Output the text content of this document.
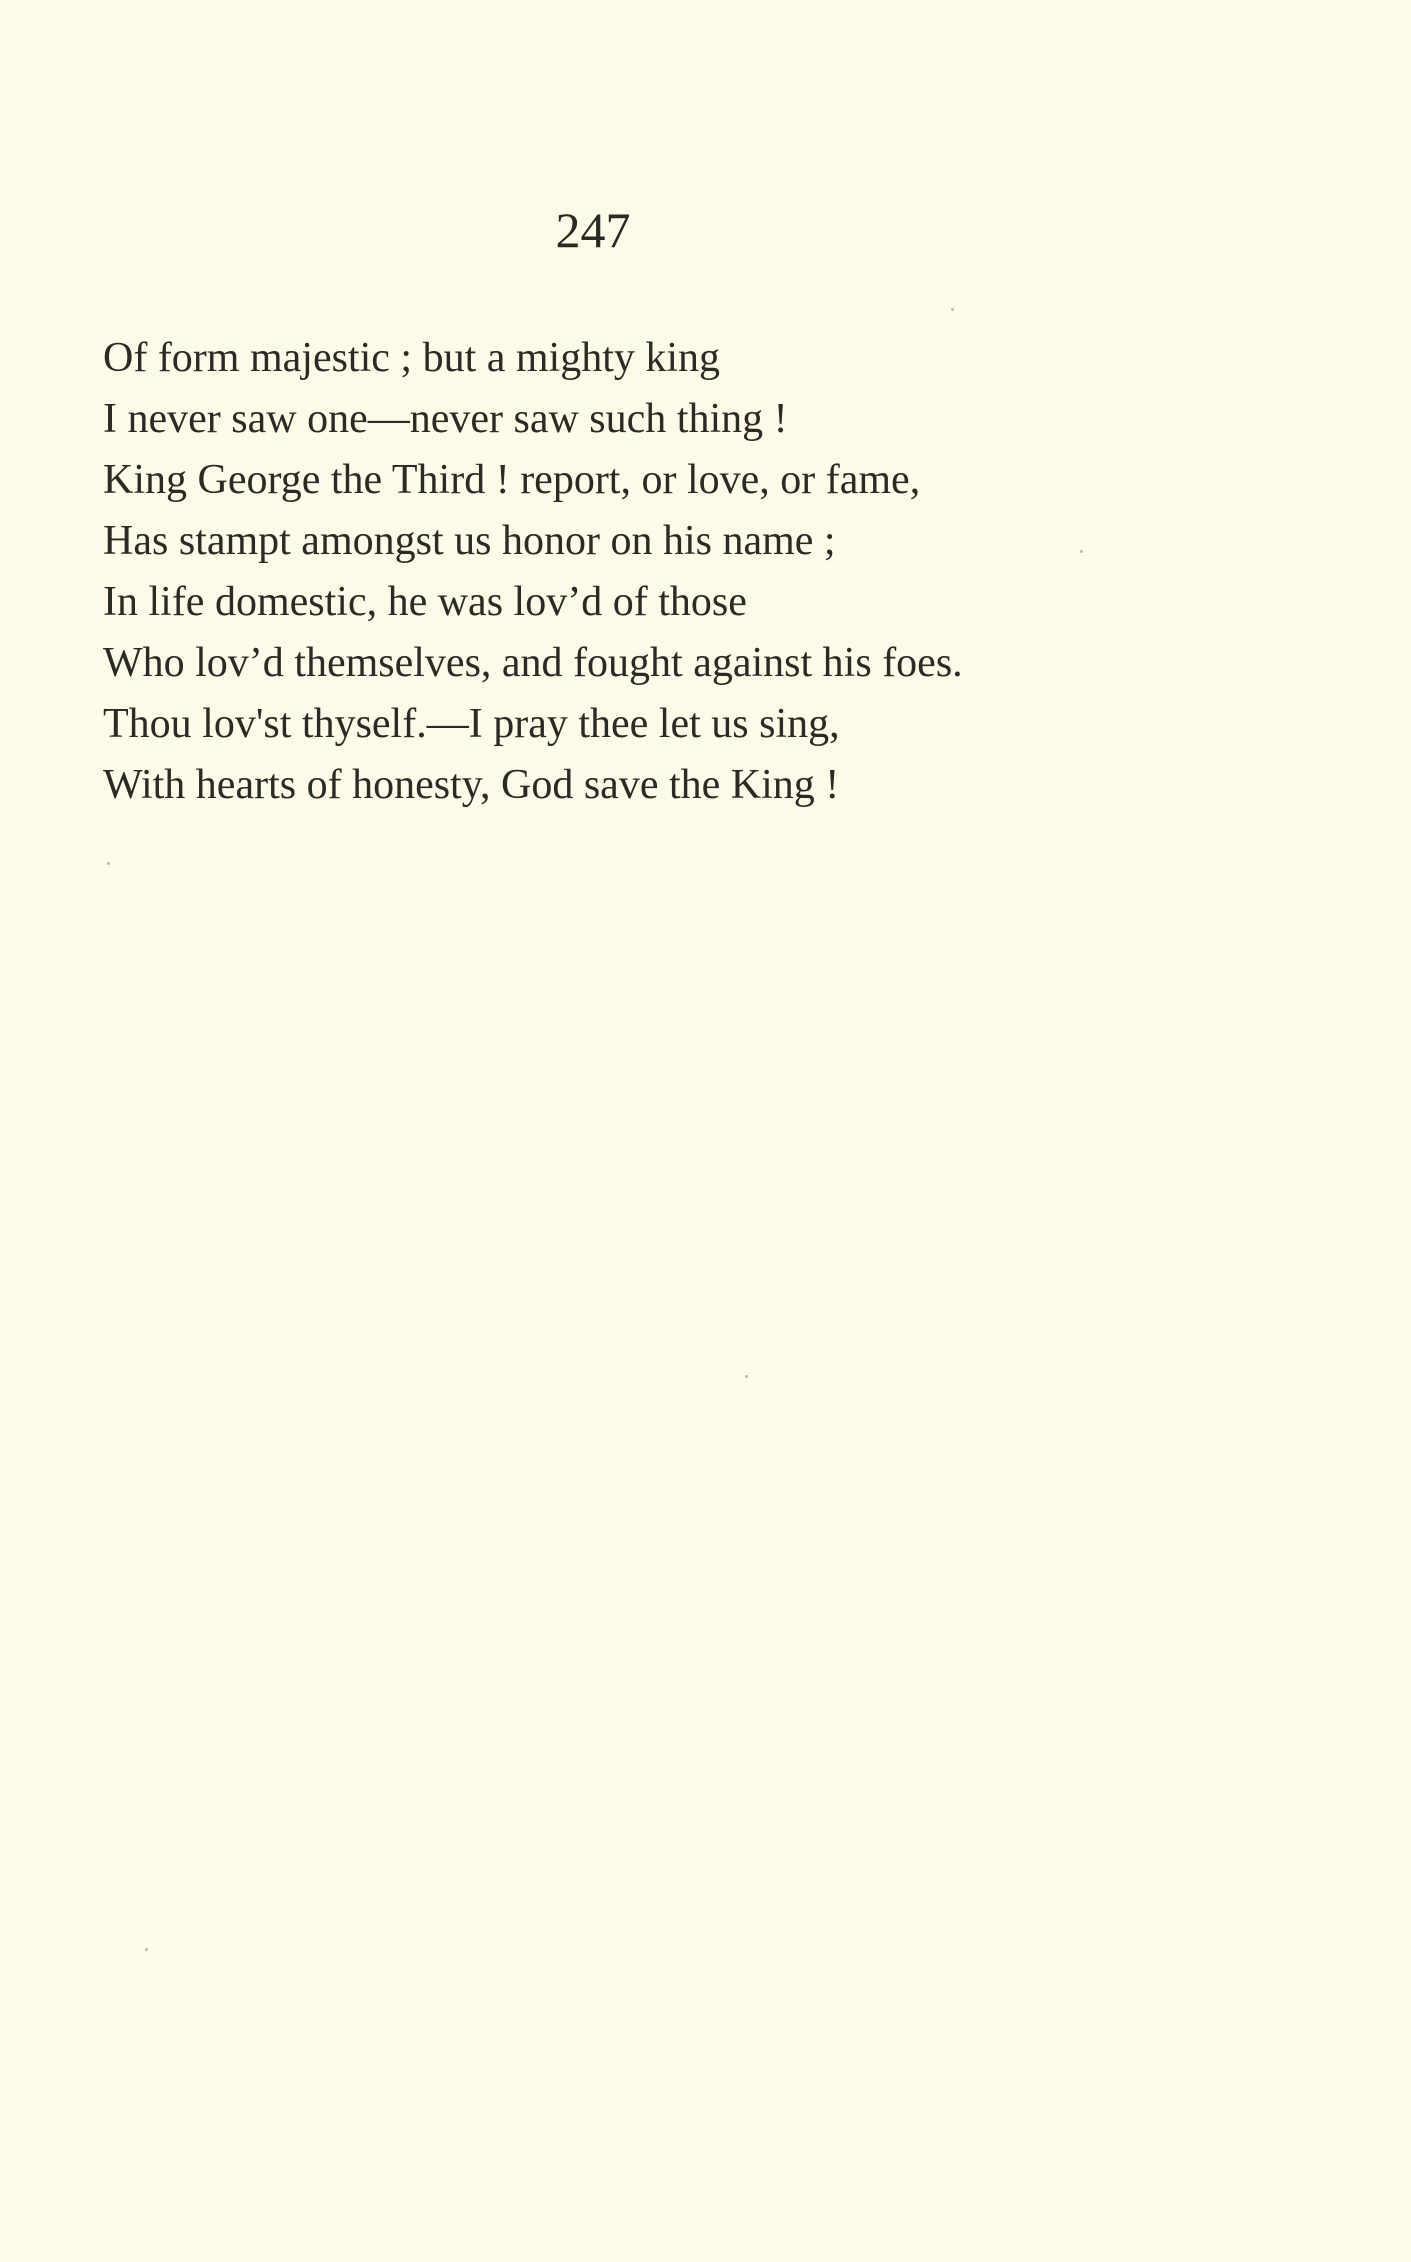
247
Of form majestic ; but a mighty king
I never saw one—never saw such thing !
King George the Third ! report, or love, or fame,
Has stampt amongst us honor on his name ;
In life domestic, he was lov’d of those
Who lov’d themselves, and fought against his foes.
Thou lov'st thyself.—I pray thee let us sing,
With hearts of honesty, God save the King !
